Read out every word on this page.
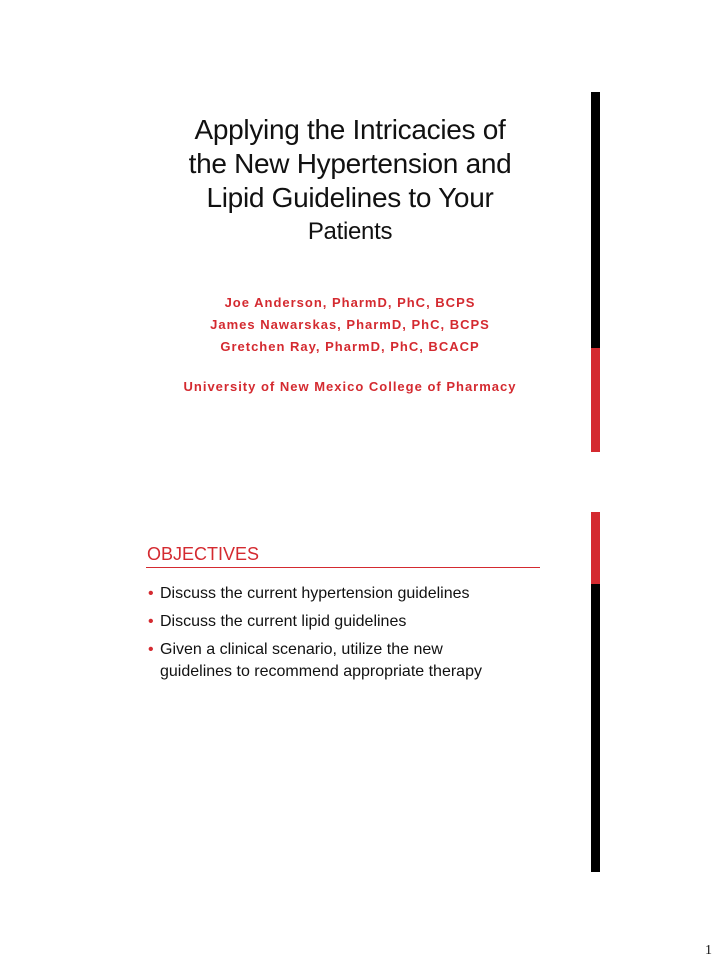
Applying the Intricacies of
the New Hypertension and
Lipid Guidelines to Your
Patients
Joe Anderson, PharmD, PhC, BCPS
James Nawarskas, PharmD, PhC, BCPS
Gretchen Ray, PharmD, PhC, BCACP
University of New Mexico College of Pharmacy
OBJECTIVES
• Discuss the current hypertension guidelines
• Discuss the current lipid guidelines
• Given a clinical scenario, utilize the new
guidelines to recommend appropriate therapy
1
